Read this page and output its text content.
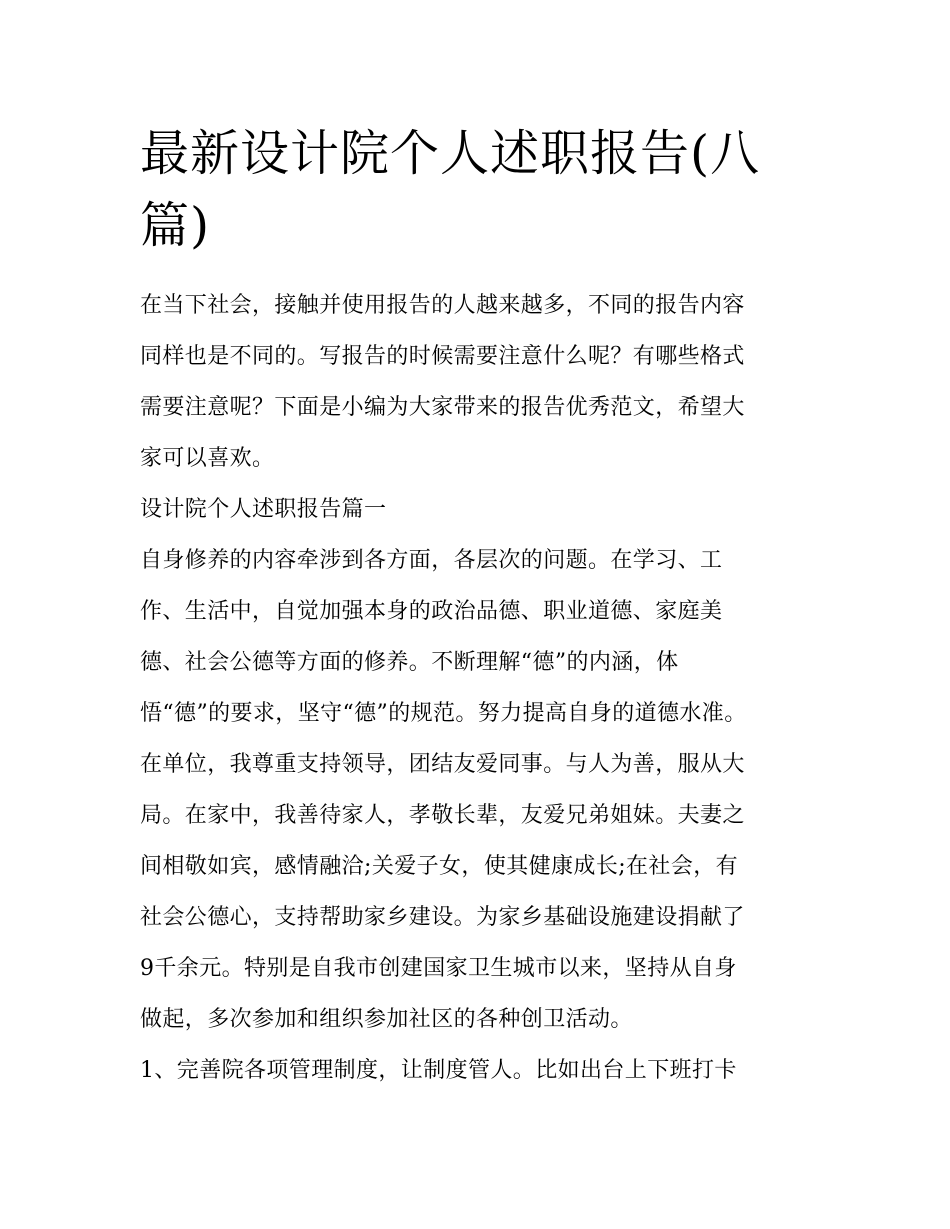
最新设计院个人述职报告(八
篇)
在当下社会，接触并使用报告的人越来越多，不同的报告内容
同样也是不同的。写报告的时候需要注意什么呢？有哪些格式
需要注意呢？下面是小编为大家带来的报告优秀范文，希望大
家可以喜欢。
设计院个人述职报告篇一
自身修养的内容牵涉到各方面，各层次的问题。在学习、工
作、生活中，自觉加强本身的政治品德、职业道德、家庭美
德、社会公德等方面的修养。不断理解“德”的内涵，体
悟“德”的要求，坚守“德”的规范。努力提高自身的道德水准。
在单位，我尊重支持领导，团结友爱同事。与人为善，服从大
局。在家中，我善待家人，孝敬长辈，友爱兄弟姐妹。夫妻之
间相敬如宾，感情融洽;关爱子女，使其健康成长;在社会，有
社会公德心，支持帮助家乡建设。为家乡基础设施建设捐献了
9千余元。特别是自我市创建国家卫生城市以来，坚持从自身
做起，多次参加和组织参加社区的各种创卫活动。
1、完善院各项管理制度，让制度管人。比如出台上下班打卡
